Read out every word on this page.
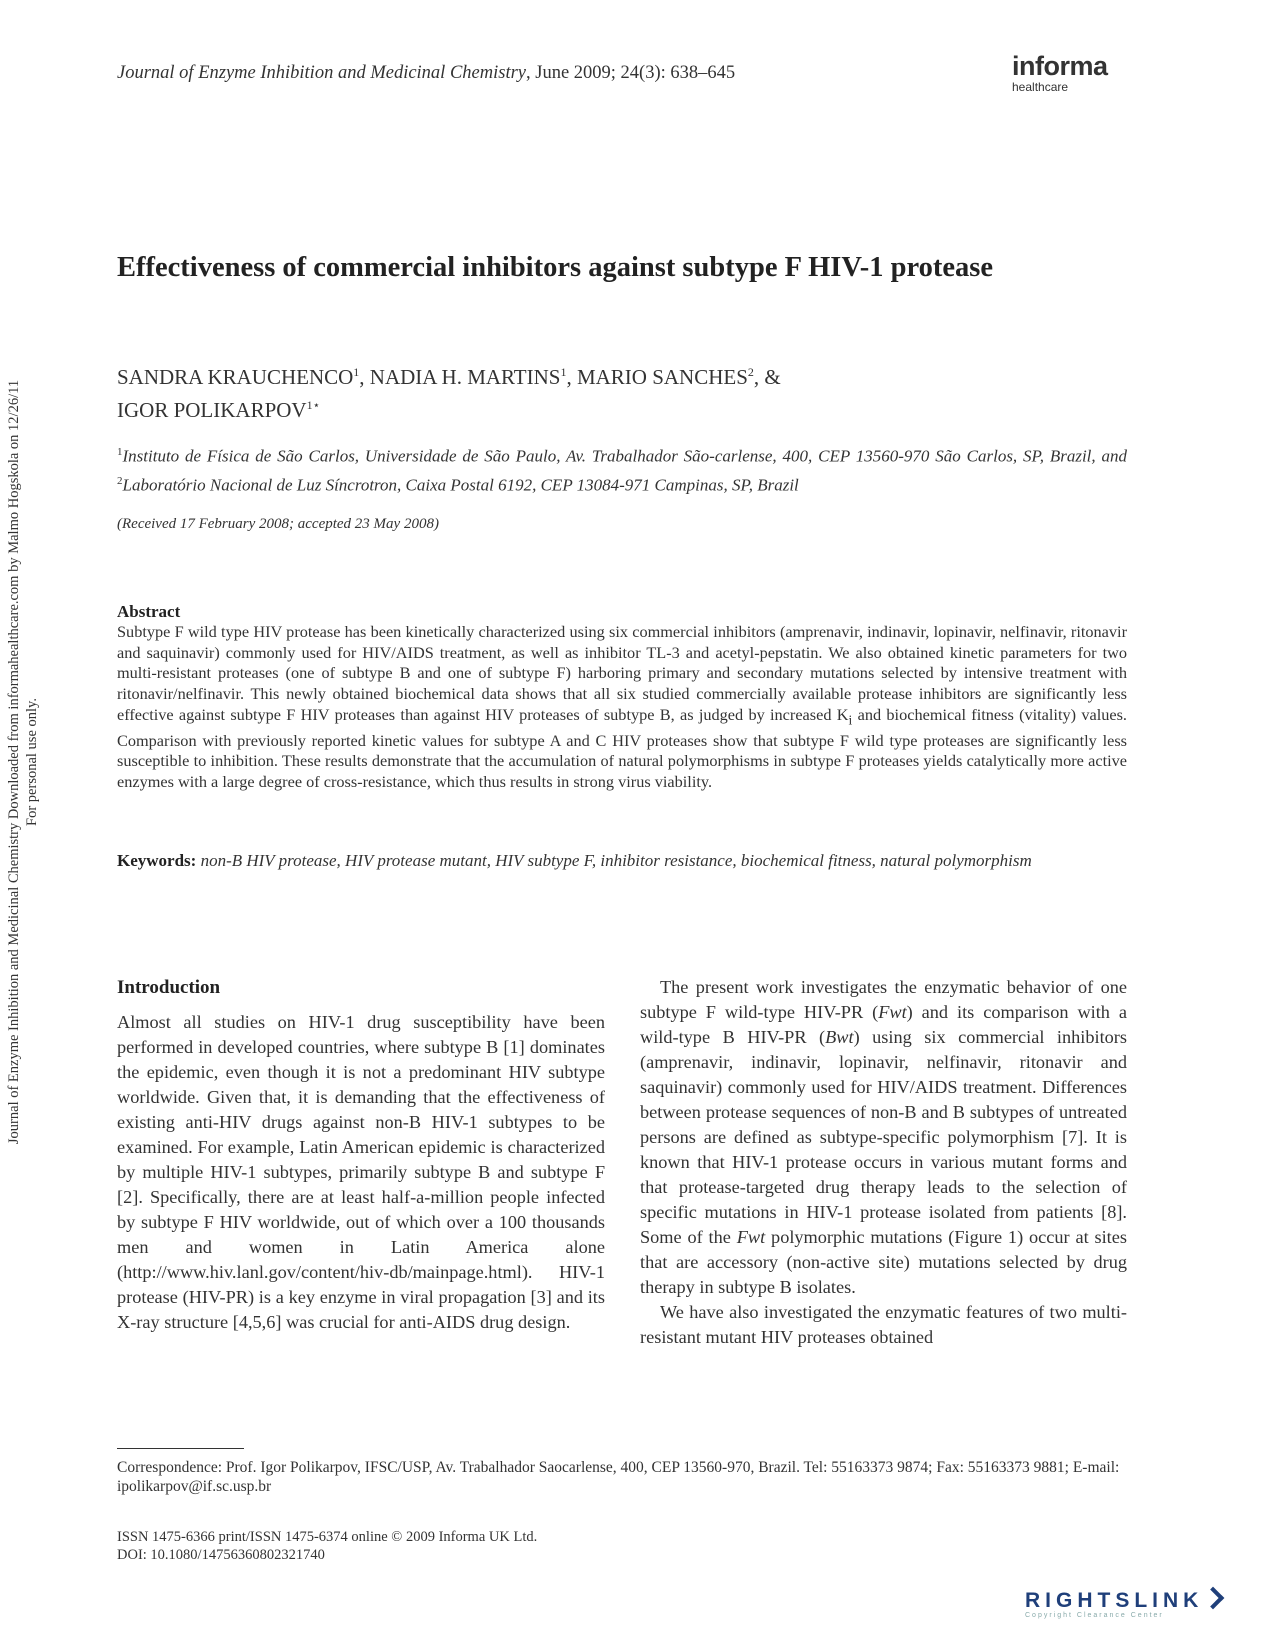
Journal of Enzyme Inhibition and Medicinal Chemistry, June 2009; 24(3): 638–645	informa
healthcare
Effectiveness of commercial inhibitors against subtype F HIV-1 protease
SANDRA KRAUCHENCO$^1$, NADIA H. MARTINS$^1$, MARIO SANCHES$^2$, &
IGOR $POLIKARPOV^{1⋆}$
$^1$Instituto de Física de São Carlos, Universidade de São Paulo, Av. Trabalhador São-carlense, 400, CEP 13560-970 São Carlos, SP, Brazil, and $^2$Laboratório Nacional de Luz Síncrotron, Caixa Postal 6192, CEP 13084-971 Campinas, SP, Brazil
(Received 17 February 2008; accepted 23 May 2008)
Abstract
Subtype F wild type HIV protease has been kinetically characterized using six commercial inhibitors (amprenavir, indinavir, lopinavir, nelfinavir, ritonavir and saquinavir) commonly used for HIV/AIDS treatment, as well as inhibitor TL-3 and acetyl-pepstatin. We also obtained kinetic parameters for two multi-resistant proteases (one of subtype B and one of subtype F) harboring primary and secondary mutations selected by intensive treatment with ritonavir/nelfinavir. This newly obtained biochemical data shows that all six studied commercially available protease inhibitors are significantly less effective against subtype F HIV proteases than against HIV proteases of subtype B, as judged by increased $K_i$ and biochemical fitness (vitality) values. Comparison with previously reported kinetic values for subtype A and C HIV proteases show that subtype F wild type proteases are significantly less susceptible to inhibition. These results demonstrate that the accumulation of natural polymorphisms in subtype F proteases yields catalytically more active enzymes with a large degree of cross-resistance, which thus results in strong virus viability.
Keywords: non-B HIV protease, HIV protease mutant, HIV subtype F, inhibitor resistance, biochemical fitness, natural polymorphism
Introduction

Almost all studies on HIV-1 drug susceptibility have been performed in developed countries, where subtype B [1] dominates the epidemic, even though it is not a predominant HIV subtype worldwide. Given that, it is demanding that the effectiveness of existing anti-HIV drugs against non-B HIV-1 subtypes to be examined. For example, Latin American epidemic is characterized by multiple HIV-1 subtypes, primarily subtype B and subtype F [2]. Specifically, there are at least half-a-million people infected by subtype F HIV worldwide, out of which over a 100 thousands men and women in Latin America alone (http://www.hiv.lanl.gov/content/hiv-db/mainpage.html). HIV-1 protease (HIV-PR) is a key enzyme in viral propagation [3] and its X-ray structure [4,5,6] was crucial for anti-AIDS drug design.

The present work investigates the enzymatic behavior of one subtype F wild-type HIV-PR (Fwt) and its comparison with a wild-type B HIV-PR (Bwt) using six commercial inhibitors (amprenavir, indinavir, lopinavir, nelfinavir, ritonavir and saquinavir) commonly used for HIV/AIDS treatment. Differences between protease sequences of non-B and B subtypes of untreated persons are defined as subtype-specific polymorphism [7]. It is known that HIV-1 protease occurs in various mutant forms and that protease-targeted drug therapy leads to the selection of specific mutations in HIV-1 protease isolated from patients [8]. Some of the Fwt polymorphic mutations (Figure 1) occur at sites that are accessory (non-active site) mutations selected by drug therapy in subtype B isolates.

We have also investigated the enzymatic features of two multi-resistant mutant HIV proteases obtained

Correspondence: Prof. Igor Polikarpov, IFSC/USP, Av. Trabalhador Saocarlense, 400, CEP 13560-970, Brazil. Tel: 55163373 9874; Fax: 55163373 9881; E-mail: ipolikarpov@if.sc.usp.br
ISSN 1475-6366 print/ISSN 1475-6374 online © 2009 Informa UK Ltd.
DOI: 10.1080/14756360802321740
Journal of Enzyme Inhibition and Medicinal Chemistry Downloaded from informahealthcare.com by Malmo Hogskola on 12/26/11 For personal use only.
RIGHTSLINK
Copyright Clearance Center
